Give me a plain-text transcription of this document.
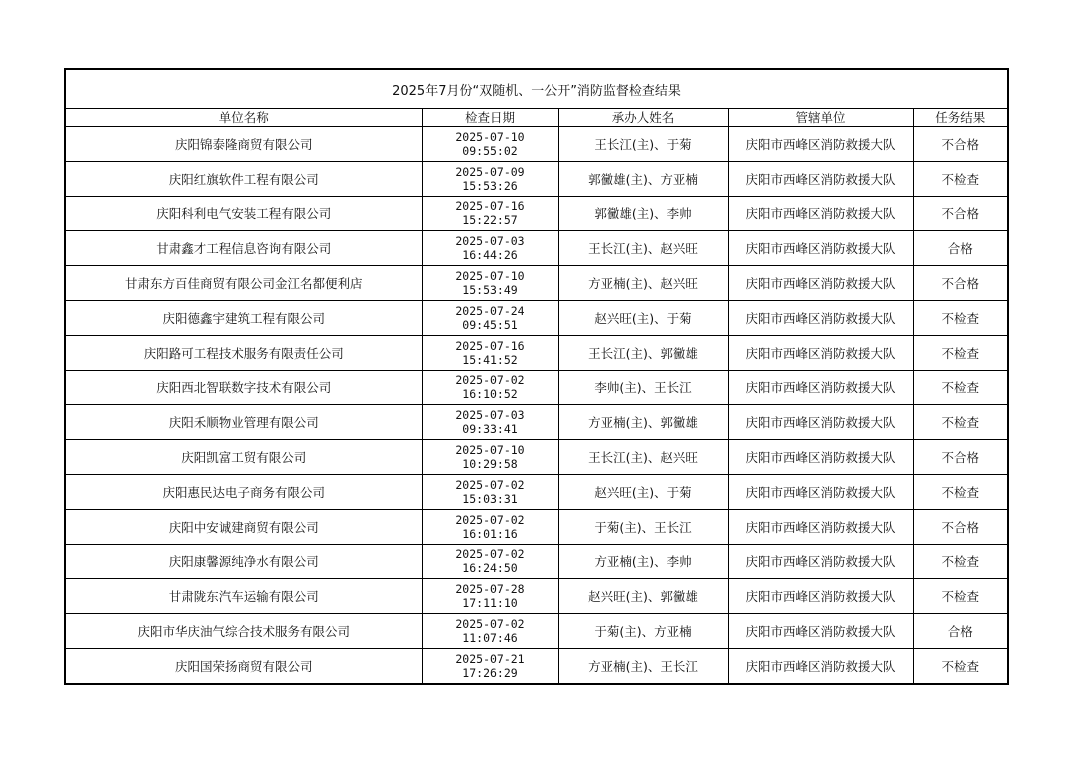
2025年7月份“双随机、一公开”消防监督检查结果				
单位名称	检查日期	承办人姓名	管辖单位	任务结果
庆阳锦泰隆商贸有限公司	2025-07-10
09:55:02	王长江(主)、于菊	庆阳市西峰区消防救援大队	不合格
庆阳红旗软件工程有限公司	2025-07-09
15:53:26	郭黴雄(主)、方亚楠	庆阳市西峰区消防救援大队	不检查
庆阳科利电气安装工程有限公司	2025-07-16
15:22:57	郭黴雄(主)、李帅	庆阳市西峰区消防救援大队	不合格
甘肃鑫才工程信息咨询有限公司	2025-07-03
16:44:26	王长江(主)、赵兴旺	庆阳市西峰区消防救援大队	合格
甘肃东方百佳商贸有限公司金江名都便利店	2025-07-10
15:53:49	方亚楠(主)、赵兴旺	庆阳市西峰区消防救援大队	不合格
庆阳德鑫宇建筑工程有限公司	2025-07-24
09:45:51	赵兴旺(主)、于菊	庆阳市西峰区消防救援大队	不检查
庆阳路可工程技术服务有限责任公司	2025-07-16
15:41:52	王长江(主)、郭黴雄	庆阳市西峰区消防救援大队	不检查
庆阳西北智联数字技术有限公司	2025-07-02
16:10:52	李帅(主)、王长江	庆阳市西峰区消防救援大队	不检查
庆阳禾顺物业管理有限公司	2025-07-03
09:33:41	方亚楠(主)、郭黴雄	庆阳市西峰区消防救援大队	不检查
庆阳凯富工贸有限公司	2025-07-10
10:29:58	王长江(主)、赵兴旺	庆阳市西峰区消防救援大队	不合格
庆阳惠民达电子商务有限公司	2025-07-02
15:03:31	赵兴旺(主)、于菊	庆阳市西峰区消防救援大队	不检查
庆阳中安诚建商贸有限公司	2025-07-02
16:01:16	于菊(主)、王长江	庆阳市西峰区消防救援大队	不合格
庆阳康馨源纯净水有限公司	2025-07-02
16:24:50	方亚楠(主)、李帅	庆阳市西峰区消防救援大队	不检查
甘肃陇东汽车运输有限公司	2025-07-28
17:11:10	赵兴旺(主)、郭黴雄	庆阳市西峰区消防救援大队	不检查
庆阳市华庆油气综合技术服务有限公司	2025-07-02
11:07:46	于菊(主)、方亚楠	庆阳市西峰区消防救援大队	合格
庆阳国荣扬商贸有限公司	2025-07-21
17:26:29	方亚楠(主)、王长江	庆阳市西峰区消防救援大队	不检查
